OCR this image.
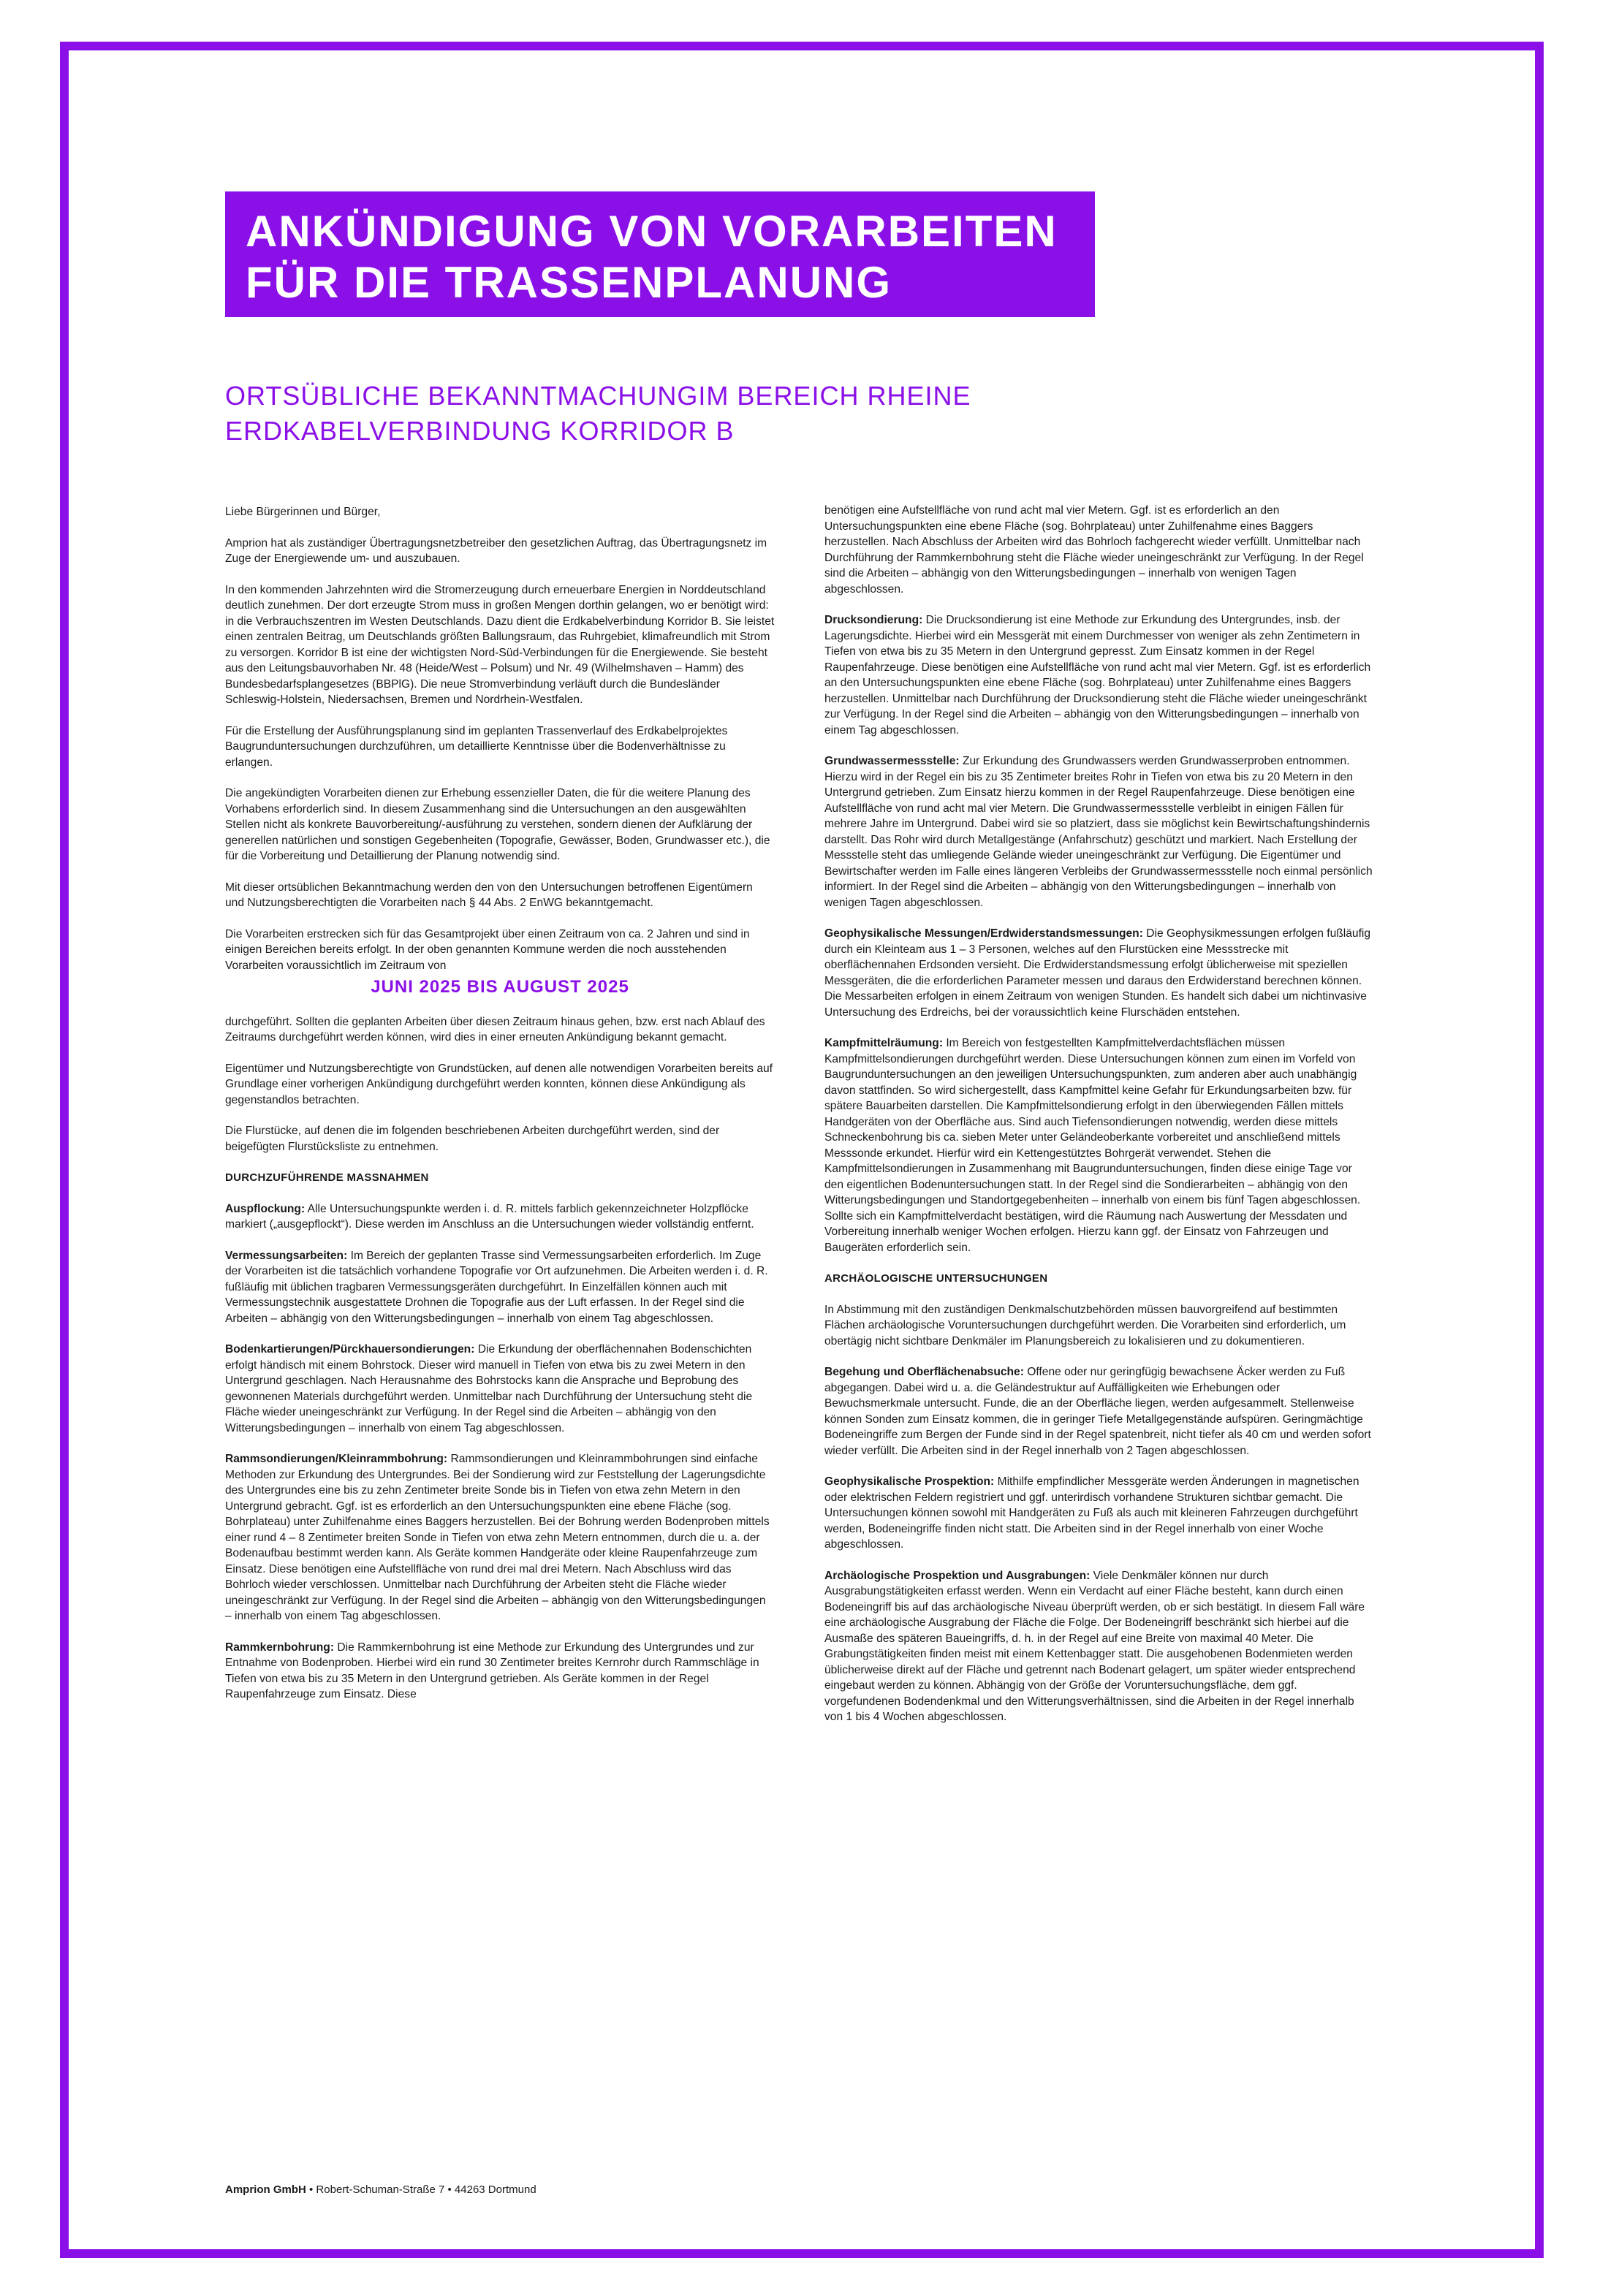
ANKÜNDIGUNG VON VORARBEITEN
FÜR DIE TRASSENPLANUNG
ORTSÜBLICHE BEKANNTMACHUNGIM BEREICH RHEINE
ERDKABELVERBINDUNG KORRIDOR B

Liebe Bürgerinnen und Bürger,

Amprion hat als zuständiger Übertragungsnetzbetreiber den gesetzlichen Auftrag, das Übertragungsnetz im Zuge der Energiewende um- und auszubauen.

In den kommenden Jahrzehnten wird die Stromerzeugung durch erneuerbare Energien in Norddeutschland deutlich zunehmen. Der dort erzeugte Strom muss in großen Mengen dorthin gelangen, wo er benötigt wird: in die Verbrauchszentren im Westen Deutschlands. Dazu dient die Erdkabelverbindung Korridor B. Sie leistet einen zentralen Beitrag, um Deutschlands größten Ballungsraum, das Ruhrgebiet, klimafreundlich mit Strom zu versorgen. Korridor B ist eine der wichtigsten Nord-Süd-Verbindungen für die Energiewende. Sie besteht aus den Leitungsbauvorhaben Nr. 48 (Heide/West – Polsum) und Nr. 49 (Wilhelmshaven – Hamm) des Bundesbedarfsplangesetzes (BBPlG). Die neue Stromverbindung verläuft durch die Bundesländer Schleswig-Holstein, Niedersachsen, Bremen und Nordrhein-Westfalen.

Für die Erstellung der Ausführungsplanung sind im geplanten Trassenverlauf des Erdkabelprojektes Baugrunduntersuchungen durchzuführen, um detaillierte Kenntnisse über die Bodenverhältnisse zu erlangen.

Die angekündigten Vorarbeiten dienen zur Erhebung essenzieller Daten, die für die weitere Planung des Vorhabens erforderlich sind. In diesem Zusammenhang sind die Untersuchungen an den ausgewählten Stellen nicht als konkrete Bauvorbereitung/-ausführung zu verstehen, sondern dienen der Aufklärung der generellen natürlichen und sonstigen Gegebenheiten (Topografie, Gewässer, Boden, Grundwasser etc.), die für die Vorbereitung und Detaillierung der Planung notwendig sind.

Mit dieser ortsüblichen Bekanntmachung werden den von den Untersuchungen betroffenen Eigentümern und Nutzungsberechtigten die Vorarbeiten nach § 44 Abs. 2 EnWG bekanntgemacht.

Die Vorarbeiten erstrecken sich für das Gesamtprojekt über einen Zeitraum von ca. 2 Jahren und sind in einigen Bereichen bereits erfolgt. In der oben genannten Kommune werden die noch ausstehenden Vorarbeiten voraussichtlich im Zeitraum von

JUNI 2025 BIS AUGUST 2025

durchgeführt. Sollten die geplanten Arbeiten über diesen Zeitraum hinaus gehen, bzw. erst nach Ablauf des Zeitraums durchgeführt werden können, wird dies in einer erneuten Ankündigung bekannt gemacht.

Eigentümer und Nutzungsberechtigte von Grundstücken, auf denen alle notwendigen Vorarbeiten bereits auf Grundlage einer vorherigen Ankündigung durchgeführt werden konnten, können diese Ankündigung als gegenstandlos betrachten.

Die Flurstücke, auf denen die im folgenden beschriebenen Arbeiten durchgeführt werden, sind der beigefügten Flurstücksliste zu entnehmen.

DURCHZUFÜHRENDE MASSNAHMEN

Auspflockung: Alle Untersuchungspunkte werden i. d. R. mittels farblich gekennzeichneter Holzpflöcke markiert („ausgepflockt“). Diese werden im Anschluss an die Untersuchungen wieder vollständig entfernt.

Vermessungsarbeiten: Im Bereich der geplanten Trasse sind Vermessungsarbeiten erforderlich. Im Zuge der Vorarbeiten ist die tatsächlich vorhandene Topografie vor Ort aufzunehmen. Die Arbeiten werden i. d. R. fußläufig mit üblichen tragbaren Vermessungsgeräten durchgeführt. In Einzelfällen können auch mit Vermessungstechnik ausgestattete Drohnen die Topografie aus der Luft erfassen. In der Regel sind die Arbeiten – abhängig von den Witterungsbedingungen – innerhalb von einem Tag abgeschlossen.

Bodenkartierungen/Pürckhauersondierungen: Die Erkundung der oberflächennahen Bodenschichten erfolgt händisch mit einem Bohrstock. Dieser wird manuell in Tiefen von etwa bis zu zwei Metern in den Untergrund geschlagen. Nach Herausnahme des Bohrstocks kann die Ansprache und Beprobung des gewonnenen Materials durchgeführt werden. Unmittelbar nach Durchführung der Untersuchung steht die Fläche wieder uneingeschränkt zur Verfügung. In der Regel sind die Arbeiten – abhängig von den Witterungsbedingungen – innerhalb von einem Tag abgeschlossen.

Rammsondierungen/Kleinrammbohrung: Rammsondierungen und Kleinrammbohrungen sind einfache Methoden zur Erkundung des Untergrundes. Bei der Sondierung wird zur Feststellung der Lagerungsdichte des Untergrundes eine bis zu zehn Zentimeter breite Sonde bis in Tiefen von etwa zehn Metern in den Untergrund gebracht. Ggf. ist es erforderlich an den Untersuchungspunkten eine ebene Fläche (sog. Bohrplateau) unter Zuhilfenahme eines Baggers herzustellen. Bei der Bohrung werden Bodenproben mittels einer rund 4 – 8 Zentimeter breiten Sonde in Tiefen von etwa zehn Metern entnommen, durch die u. a. der Bodenaufbau bestimmt werden kann. Als Geräte kommen Handgeräte oder kleine Raupenfahrzeuge zum Einsatz. Diese benötigen eine Aufstellfläche von rund drei mal drei Metern. Nach Abschluss wird das Bohrloch wieder verschlossen. Unmittelbar nach Durchführung der Arbeiten steht die Fläche wieder uneingeschränkt zur Verfügung. In der Regel sind die Arbeiten – abhängig von den Witterungsbedingungen – innerhalb von einem Tag abgeschlossen.

Rammkernbohrung: Die Rammkernbohrung ist eine Methode zur Erkundung des Untergrundes und zur Entnahme von Bodenproben. Hierbei wird ein rund 30 Zentimeter breites Kernrohr durch Rammschläge in Tiefen von etwa bis zu 35 Metern in den Untergrund getrieben. Als Geräte kommen in der Regel Raupenfahrzeuge zum Einsatz. Diese

benötigen eine Aufstellfläche von rund acht mal vier Metern. Ggf. ist es erforderlich an den Untersuchungspunkten eine ebene Fläche (sog. Bohrplateau) unter Zuhilfenahme eines Baggers herzustellen. Nach Abschluss der Arbeiten wird das Bohrloch fachgerecht wieder verfüllt. Unmittelbar nach Durchführung der Rammkernbohrung steht die Fläche wieder uneingeschränkt zur Verfügung. In der Regel sind die Arbeiten – abhängig von den Witterungsbedingungen – innerhalb von wenigen Tagen abgeschlossen.

Drucksondierung: Die Drucksondierung ist eine Methode zur Erkundung des Untergrundes, insb. der Lagerungsdichte. Hierbei wird ein Messgerät mit einem Durchmesser von weniger als zehn Zentimetern in Tiefen von etwa bis zu 35 Metern in den Untergrund gepresst. Zum Einsatz kommen in der Regel Raupenfahrzeuge. Diese benötigen eine Aufstellfläche von rund acht mal vier Metern. Ggf. ist es erforderlich an den Untersuchungspunkten eine ebene Fläche (sog. Bohrplateau) unter Zuhilfenahme eines Baggers herzustellen. Unmittelbar nach Durchführung der Drucksondierung steht die Fläche wieder uneingeschränkt zur Verfügung. In der Regel sind die Arbeiten – abhängig von den Witterungsbedingungen – innerhalb von einem Tag abgeschlossen.

Grundwassermessstelle: Zur Erkundung des Grundwassers werden Grundwasserproben entnommen. Hierzu wird in der Regel ein bis zu 35 Zentimeter breites Rohr in Tiefen von etwa bis zu 20 Metern in den Untergrund getrieben. Zum Einsatz hierzu kommen in der Regel Raupenfahrzeuge. Diese benötigen eine Aufstellfläche von rund acht mal vier Metern. Die Grundwassermessstelle verbleibt in einigen Fällen für mehrere Jahre im Untergrund. Dabei wird sie so platziert, dass sie möglichst kein Bewirtschaftungshindernis darstellt. Das Rohr wird durch Metallgestänge (Anfahrschutz) geschützt und markiert. Nach Erstellung der Messstelle steht das umliegende Gelände wieder uneingeschränkt zur Verfügung. Die Eigentümer und Bewirtschafter werden im Falle eines längeren Verbleibs der Grundwassermessstelle noch einmal persönlich informiert. In der Regel sind die Arbeiten – abhängig von den Witterungsbedingungen – innerhalb von wenigen Tagen abgeschlossen.

Geophysikalische Messungen/Erdwiderstandsmessungen: Die Geophysikmessungen erfolgen fußläufig durch ein Kleinteam aus 1 – 3 Personen, welches auf den Flurstücken eine Messstrecke mit oberflächennahen Erdsonden versieht. Die Erdwiderstandsmessung erfolgt üblicherweise mit speziellen Messgeräten, die die erforderlichen Parameter messen und daraus den Erdwiderstand berechnen können. Die Messarbeiten erfolgen in einem Zeitraum von wenigen Stunden. Es handelt sich dabei um nichtinvasive Untersuchung des Erdreichs, bei der voraussichtlich keine Flurschäden entstehen.

Kampfmittelräumung: Im Bereich von festgestellten Kampfmittelverdachtsflächen müssen Kampfmittelsondierungen durchgeführt werden. Diese Untersuchungen können zum einen im Vorfeld von Baugrunduntersuchungen an den jeweiligen Untersuchungspunkten, zum anderen aber auch unabhängig davon stattfinden. So wird sichergestellt, dass Kampfmittel keine Gefahr für Erkundungsarbeiten bzw. für spätere Bauarbeiten darstellen. Die Kampfmittelsondierung erfolgt in den überwiegenden Fällen mittels Handgeräten von der Oberfläche aus. Sind auch Tiefensondierungen notwendig, werden diese mittels Schneckenbohrung bis ca. sieben Meter unter Geländeoberkante vorbereitet und anschließend mittels Messsonde erkundet. Hierfür wird ein Kettengestütztes Bohrgerät verwendet. Stehen die Kampfmittelsondierungen in Zusammenhang mit Baugrunduntersuchungen, finden diese einige Tage vor den eigentlichen Bodenuntersuchungen statt. In der Regel sind die Sondierarbeiten – abhängig von den Witterungsbedingungen und Standortgegebenheiten – innerhalb von einem bis fünf Tagen abgeschlossen. Sollte sich ein Kampfmittelverdacht bestätigen, wird die Räumung nach Auswertung der Messdaten und Vorbereitung innerhalb weniger Wochen erfolgen. Hierzu kann ggf. der Einsatz von Fahrzeugen und Baugeräten erforderlich sein.

ARCHÄOLOGISCHE UNTERSUCHUNGEN

In Abstimmung mit den zuständigen Denkmalschutzbehörden müssen bauvorgreifend auf bestimmten Flächen archäologische Voruntersuchungen durchgeführt werden. Die Vorarbeiten sind erforderlich, um obertägig nicht sichtbare Denkmäler im Planungsbereich zu lokalisieren und zu dokumentieren.

Begehung und Oberflächenabsuche: Offene oder nur geringfügig bewachsene Äcker werden zu Fuß abgegangen. Dabei wird u. a. die Geländestruktur auf Auffälligkeiten wie Erhebungen oder Bewuchsmerkmale untersucht. Funde, die an der Oberfläche liegen, werden aufgesammelt. Stellenweise können Sonden zum Einsatz kommen, die in geringer Tiefe Metallgegenstände aufspüren. Geringmächtige Bodeneingriffe zum Bergen der Funde sind in der Regel spatenbreit, nicht tiefer als 40 cm und werden sofort wieder verfüllt. Die Arbeiten sind in der Regel innerhalb von 2 Tagen abgeschlossen.

Geophysikalische Prospektion: Mithilfe empfindlicher Messgeräte werden Änderungen in magnetischen oder elektrischen Feldern registriert und ggf. unterirdisch vorhandene Strukturen sichtbar gemacht. Die Untersuchungen können sowohl mit Handgeräten zu Fuß als auch mit kleineren Fahrzeugen durchgeführt werden, Bodeneingriffe finden nicht statt. Die Arbeiten sind in der Regel innerhalb von einer Woche abgeschlossen.

Archäologische Prospektion und Ausgrabungen: Viele Denkmäler können nur durch Ausgrabungstätigkeiten erfasst werden. Wenn ein Verdacht auf einer Fläche besteht, kann durch einen Bodeneingriff bis auf das archäologische Niveau überprüft werden, ob er sich bestätigt. In diesem Fall wäre eine archäologische Ausgrabung der Fläche die Folge. Der Bodeneingriff beschränkt sich hierbei auf die Ausmaße des späteren Baueingriffs, d. h. in der Regel auf eine Breite von maximal 40 Meter. Die Grabungstätigkeiten finden meist mit einem Kettenbagger statt. Die ausgehobenen Bodenmieten werden üblicherweise direkt auf der Fläche und getrennt nach Bodenart gelagert, um später wieder entsprechend eingebaut werden zu können. Abhängig von der Größe der Voruntersuchungsfläche, dem ggf. vorgefundenen Bodendenkmal und den Witterungsverhältnissen, sind die Arbeiten in der Regel innerhalb von 1 bis 4 Wochen abgeschlossen.

Amprion GmbH • Robert-Schuman-Straße 7 • 44263 Dortmund
